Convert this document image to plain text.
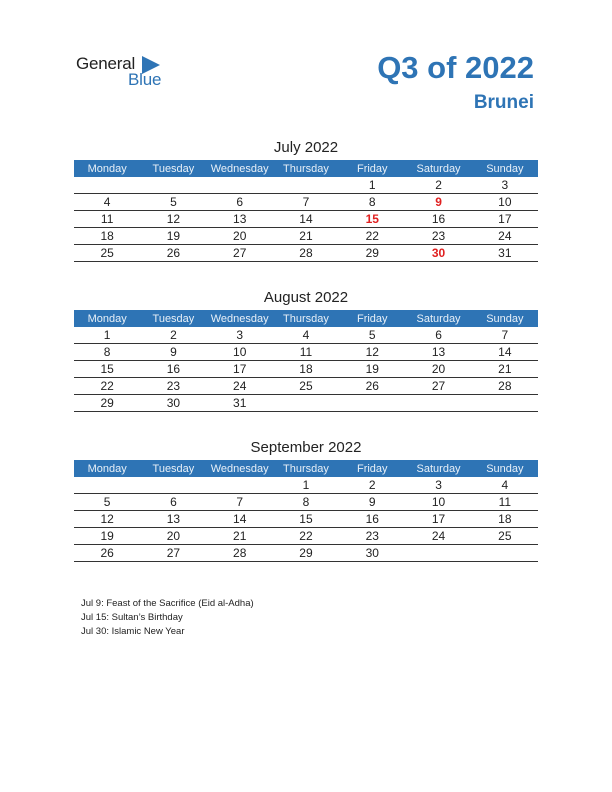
General
Blue	Q3 of 2022
Brunei
July 2022
Monday	Tuesday	Wednesday	Thursday	Friday	Saturday	Sunday
				1	2	3
4	5	6	7	8	9	10
11	12	13	14	15	16	17
18	19	20	21	22	23	24
25	26	27	28	29	30	31
August 2022
Monday	Tuesday	Wednesday	Thursday	Friday	Saturday	Sunday
1	2	3	4	5	6	7
8	9	10	11	12	13	14
15	16	17	18	19	20	21
22	23	24	25	26	27	28
29	30	31				
September 2022
Monday	Tuesday	Wednesday	Thursday	Friday	Saturday	Sunday
			1	2	3	4
5	6	7	8	9	10	11
12	13	14	15	16	17	18
19	20	21	22	23	24	25
26	27	28	29	30		
Jul 9: Feast of the Sacrifice (Eid al-Adha)
Jul 15: Sultan’s Birthday
Jul 30: Islamic New Year
